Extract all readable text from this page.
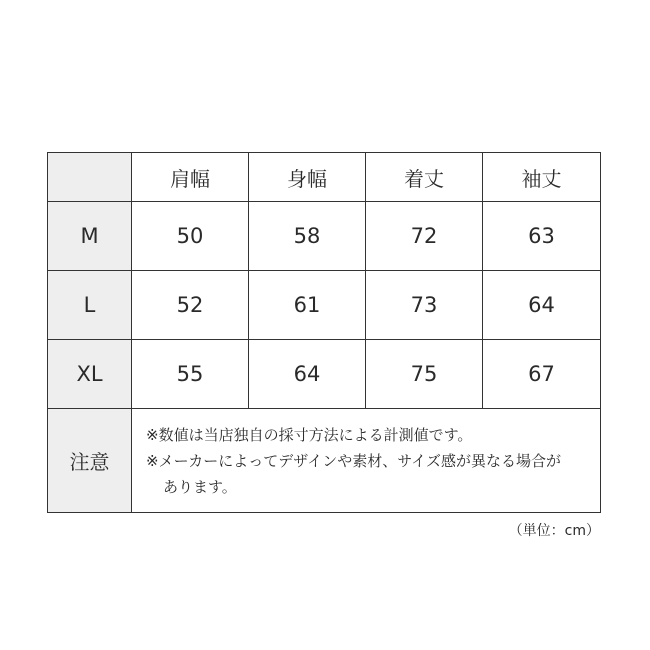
	肩幅	身幅	着丈	袖丈
M	50	58	72	63
L	52	61	73	64
XL	55	64	75	67
注意	※数値は当店独自の採寸方法による計測値です。
※メーカーによってデザインや素材、サイズ感が異なる場合が
あります。			
（単位：cm）
